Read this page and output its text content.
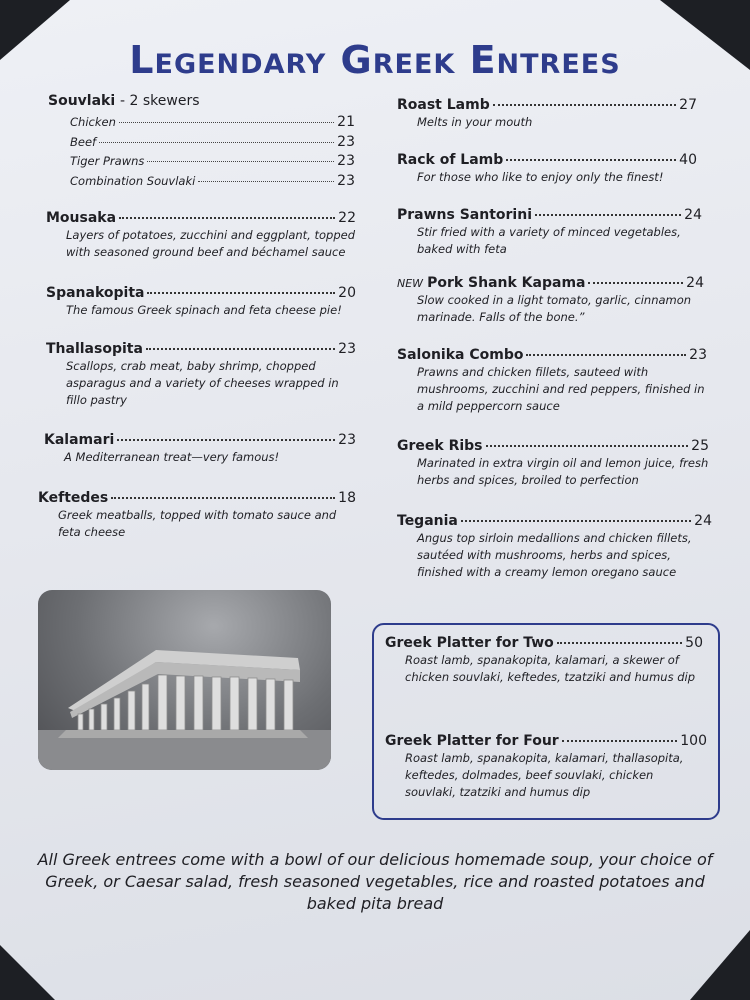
Legendary Greek Entrees
Souvlaki - 2 skewers
Chicken	21
Beef	23
Tiger Prawns	23
Combination Souvlaki	23
Mousaka	22
Layers of potatoes, zucchini and eggplant, topped with seasoned ground beef and béchamel sauce
Spanakopita	20
The famous Greek spinach and feta cheese pie!
Thallasopita	23
Scallops, crab meat, baby shrimp, chopped asparagus and a variety of cheeses wrapped in fillo pastry
Kalamari	23
A Mediterranean treat—very famous!
Keftedes	18
Greek meatballs, topped with tomato sauce and feta cheese
Roast Lamb	27
Melts in your mouth
Rack of Lamb	40
For those who like to enjoy only the finest!
Prawns Santorini	24
Stir fried with a variety of minced vegetables, baked with feta
NEW Pork Shank Kapama	24
Slow cooked in a light tomato, garlic, cinnamon marinade. Falls of the bone.”
Salonika Combo	23
Prawns and chicken fillets, sauteed with mushrooms, zucchini and red peppers, finished in a mild peppercorn sauce
Greek Ribs	25
Marinated in extra virgin oil and lemon juice, fresh herbs and spices, broiled to perfection
Tegania	24
Angus top sirloin medallions and chicken fillets, sautéed with mushrooms, herbs and spices, finished with a creamy lemon oregano sauce
Greek Platter for Two	50
Roast lamb, spanakopita, kalamari, a skewer of chicken souvlaki, keftedes, tzatziki and humus dip
Greek Platter for Four	100
Roast lamb, spanakopita, kalamari, thallasopita, keftedes, dolmades, beef souvlaki, chicken souvlaki, tzatziki and humus dip
All Greek entrees come with a bowl of our delicious homemade soup, your choice of Greek, or Caesar salad, fresh seasoned vegetables, rice and roasted potatoes and baked pita bread
